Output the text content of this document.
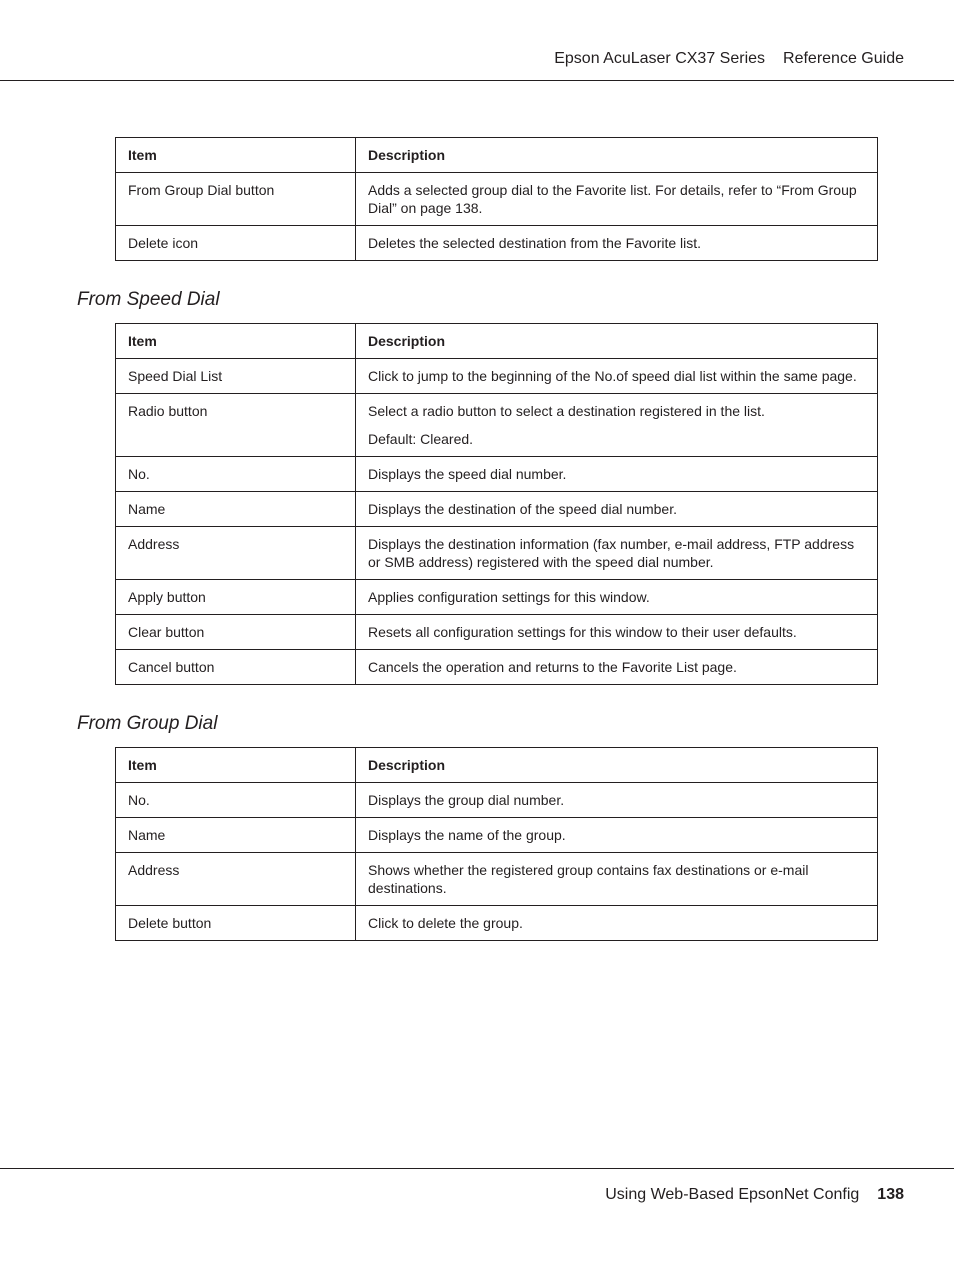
Epson AcuLaser CX37 Series Reference Guide
Item	Description
From Group Dial button	Adds a selected group dial to the Favorite list. For details, refer to “From Group Dial” on page 138.

Delete icon	Deletes the selected destination from the Favorite list.

From Speed Dial
Item	Description
Speed Dial List	Click to jump to the beginning of the No.of speed dial list within the same page.

Radio button	Select a radio button to select a destination registered in the list.

Default: Cleared.

No.	Displays the speed dial number.

Name	Displays the destination of the speed dial number.

Address	Displays the destination information (fax number, e-mail address, FTP address or SMB address) registered with the speed dial number.

Apply button	Applies configuration settings for this window.

Clear button	Resets all configuration settings for this window to their user defaults.

Cancel button	Cancels the operation and returns to the Favorite List page.

From Group Dial
Item	Description
No.	Displays the group dial number.

Name	Displays the name of the group.

Address	Shows whether the registered group contains fax destinations or e-mail destinations.

Delete button	Click to delete the group.

Using Web-Based EpsonNet Config 138
